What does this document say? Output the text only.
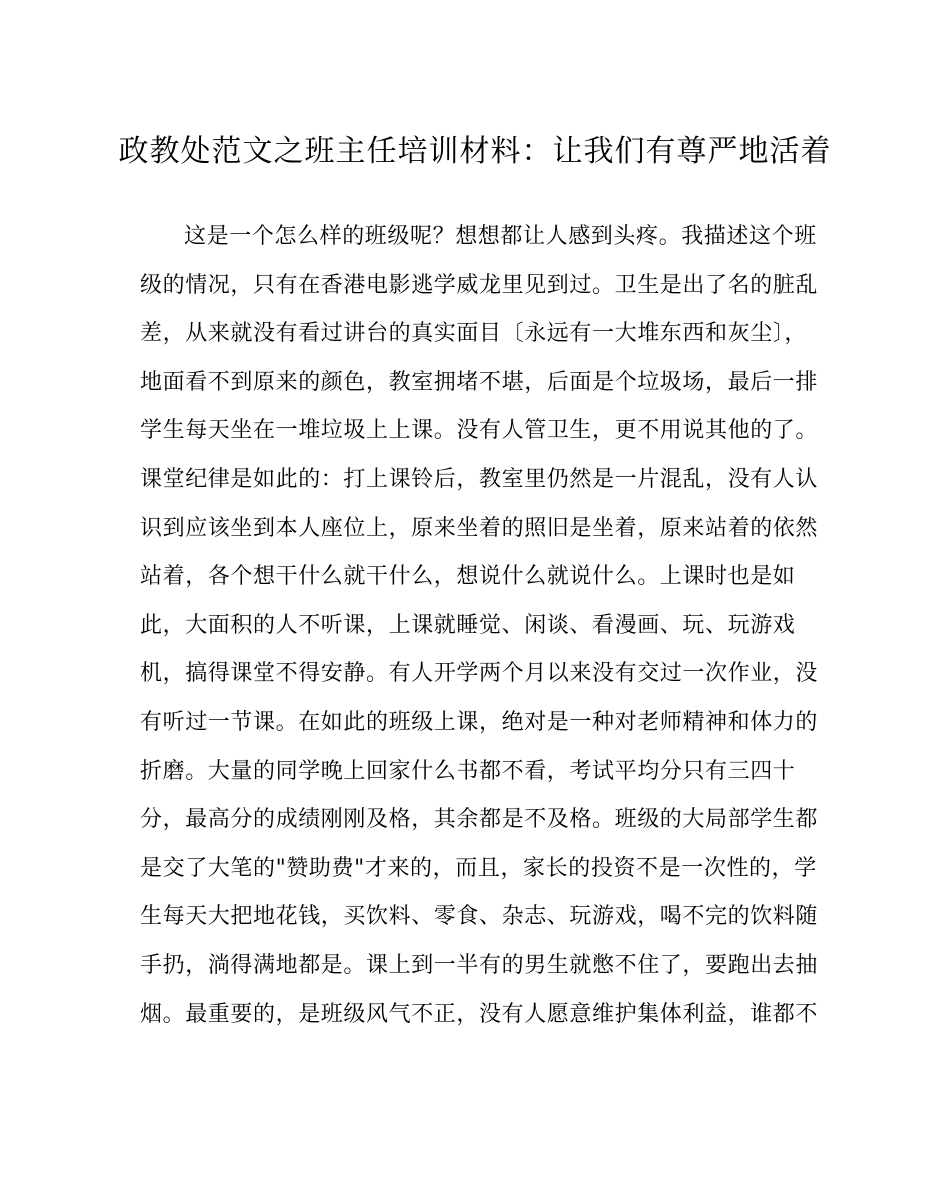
政教处范文之班主任培训材料：让我们有尊严地活着
这是一个怎么样的班级呢？想想都让人感到头疼。我描述这个班
级的情况，只有在香港电影逃学威龙里见到过。卫生是出了名的脏乱
差，从来就没有看过讲台的真实面目〔永远有一大堆东西和灰尘〕，
地面看不到原来的颜色，教室拥堵不堪，后面是个垃圾场，最后一排
学生每天坐在一堆垃圾上上课。没有人管卫生，更不用说其他的了。
课堂纪律是如此的：打上课铃后，教室里仍然是一片混乱，没有人认
识到应该坐到本人座位上，原来坐着的照旧是坐着，原来站着的依然
站着，各个想干什么就干什么，想说什么就说什么。上课时也是如
此，大面积的人不听课，上课就睡觉、闲谈、看漫画、玩、玩游戏
机，搞得课堂不得安静。有人开学两个月以来没有交过一次作业，没
有听过一节课。在如此的班级上课，绝对是一种对老师精神和体力的
折磨。大量的同学晚上回家什么书都不看，考试平均分只有三四十
分，最高分的成绩刚刚及格，其余都是不及格。班级的大局部学生都
是交了大笔的"赞助费"才来的，而且，家长的投资不是一次性的，学
生每天大把地花钱，买饮料、零食、杂志、玩游戏，喝不完的饮料随
手扔，淌得满地都是。课上到一半有的男生就憋不住了，要跑出去抽
烟。最重要的，是班级风气不正，没有人愿意维护集体利益，谁都不
